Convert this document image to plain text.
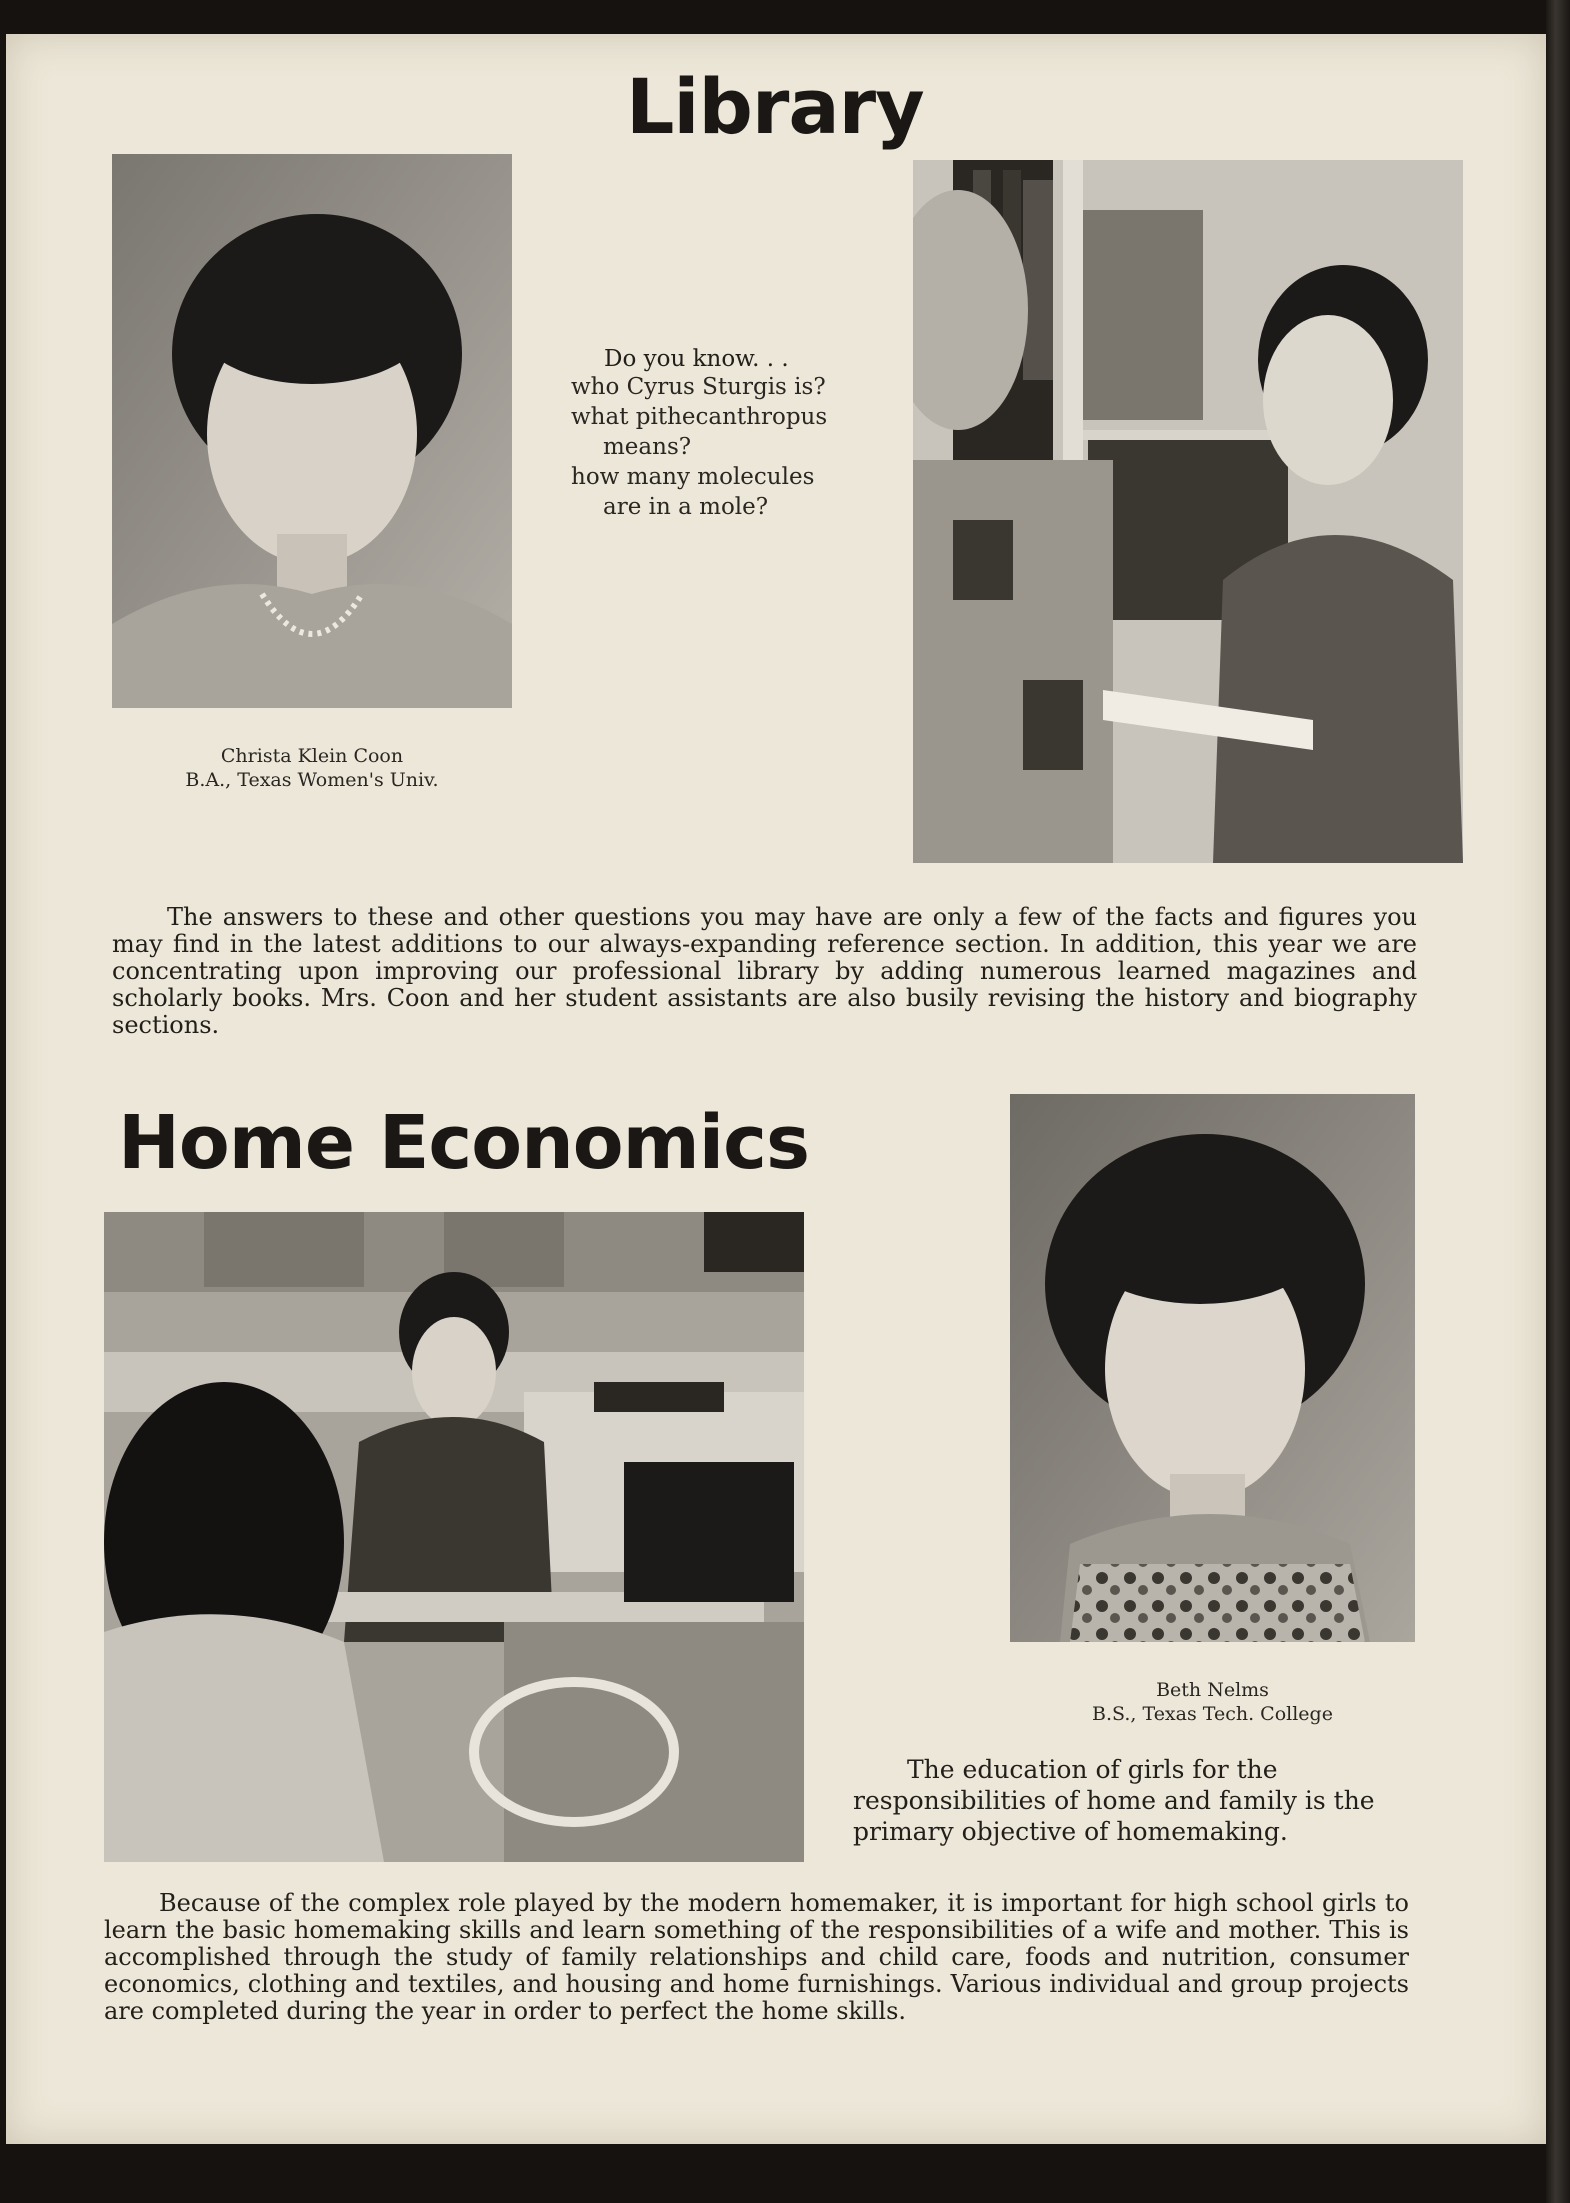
Library
Do you know. . .
who Cyrus Sturgis is?
what pithecanthropus
means?
how many molecules
are in a mole?
Christa Klein Coon
B.A., Texas Women's Univ.
The answers to these and other questions you may have are only a few of the facts and figures you may find in the latest additions to our always-expanding reference section. In addition, this year we are concentrating upon improving our professional library by adding numerous learned magazines and scholarly books. Mrs. Coon and her student assistants are also busily revising the history and biography sections.
Home Economics
Beth Nelms
B.S., Texas Tech. College
The education of girls for the responsibilities of home and family is the primary objective of homemaking.
Because of the complex role played by the modern homemaker, it is important for high school girls to learn the basic homemaking skills and learn something of the responsibilities of a wife and mother. This is accomplished through the study of family relationships and child care, foods and nutrition, consumer economics, clothing and textiles, and housing and home furnishings. Various individual and group projects are completed during the year in order to perfect the home skills.
